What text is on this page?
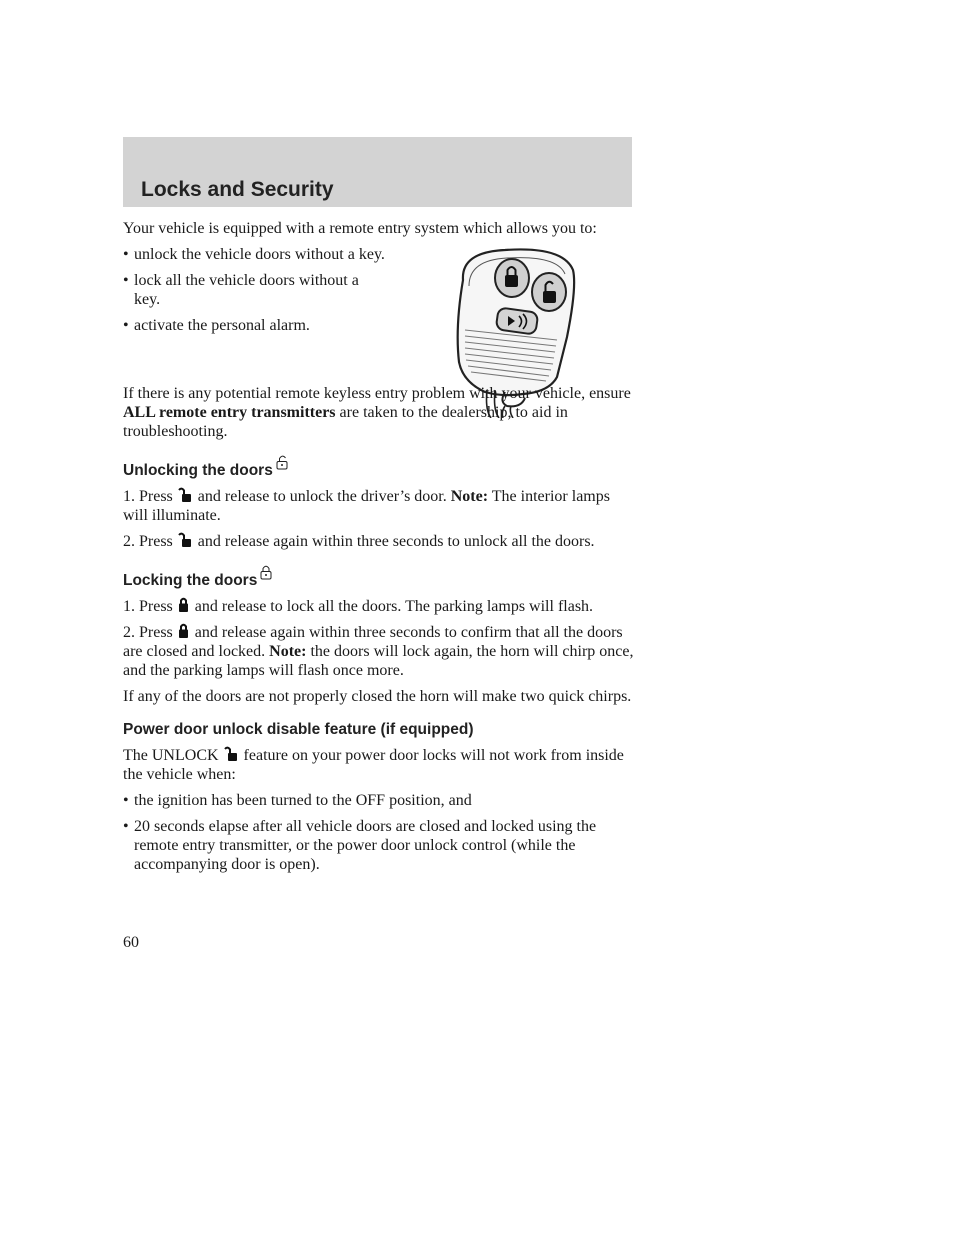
Locks and Security

Your vehicle is equipped with a remote entry system which allows you to:

• unlock the vehicle doors without a key.
• lock all the vehicle doors without a key.
• activate the personal alarm.

If there is any potential remote keyless entry problem with your vehicle, ensure ALL remote entry transmitters are taken to the dealership, to aid in troubleshooting.

Unlocking the doors

1. Press  and release to unlock the driver’s door. Note: The interior lamps will illuminate.

2. Press  and release again within three seconds to unlock all the doors.

Locking the doors

1. Press  and release to lock all the doors. The parking lamps will flash.

2. Press  and release again within three seconds to confirm that all the doors are closed and locked. Note: the doors will lock again, the horn will chirp once, and the parking lamps will flash once more.

If any of the doors are not properly closed the horn will make two quick chirps.

Power door unlock disable feature (if equipped)

The UNLOCK  feature on your power door locks will not work from inside the vehicle when:

• the ignition has been turned to the OFF position, and
• 20 seconds elapse after all vehicle doors are closed and locked using the remote entry transmitter, or the power door unlock control (while the accompanying door is open).
60
